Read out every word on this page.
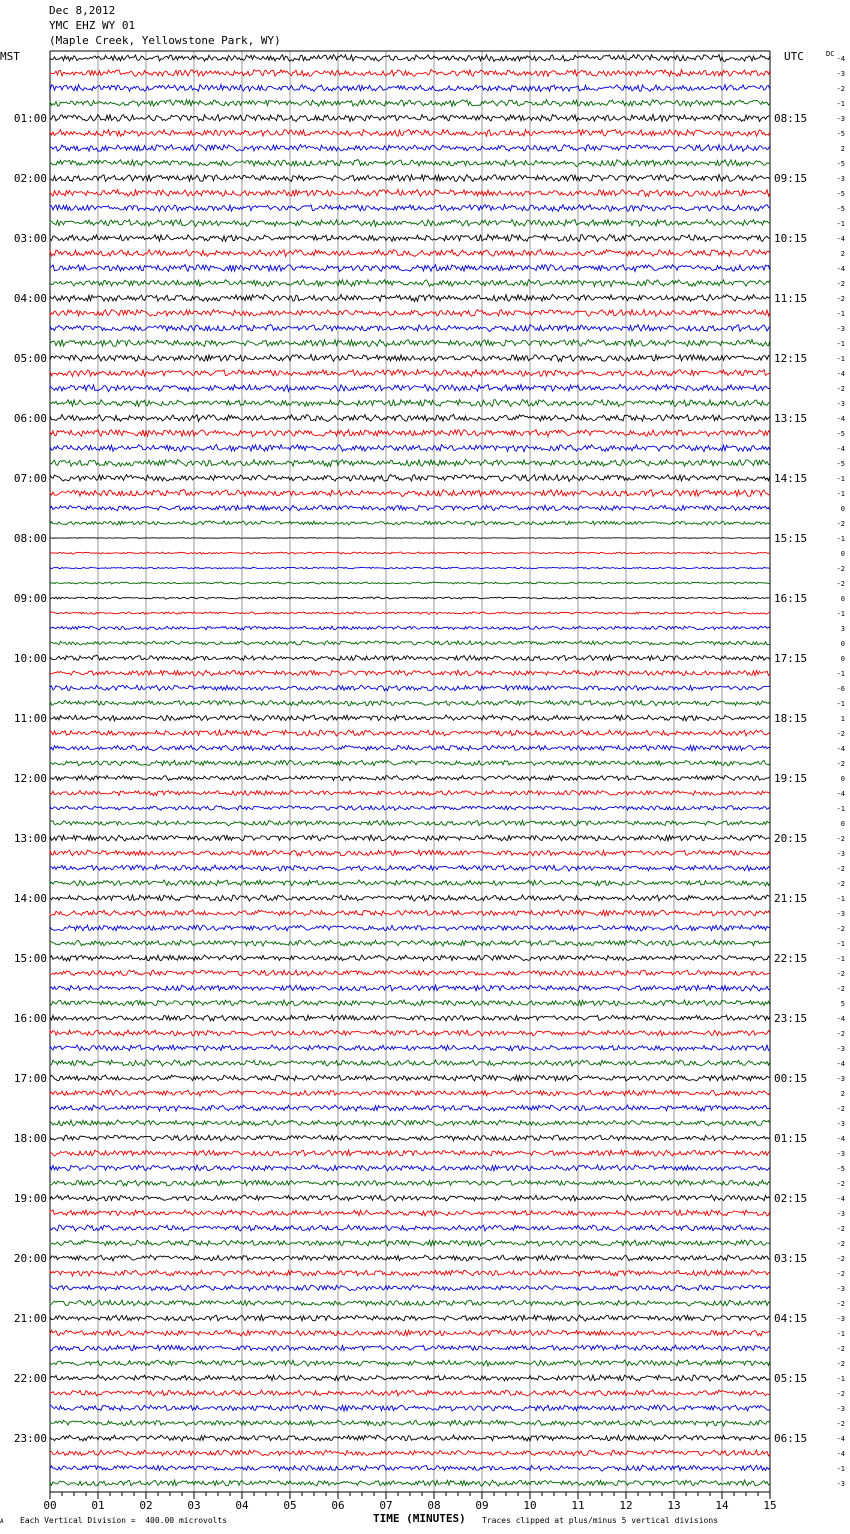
Dec 8,2012
YMC EHZ WY 01
(Maple Creek, Yellowstone Park, WY)
MST	UTC	DC
-4
-3
-2
-1
-3
-5
2
-5
-3
-5
-5
-1
-4
2
-4
-2
-2
-1
-3
-1
-1
-4
-2
-3
-4
-5
-4
-5
-1
-1
0
-2
-1
0
-2
-2
0
-1
3
0
0
-1
-6
-1
1
-2
-4
-2
0
-4
-1
0
-2
-3
-2
-2
-1
-3
-2
-1
-1
-2
-2
5
-4
-2
-3
-4
-3
2
-2
-3
-4
-3
-5
-2
-4
-3
-2
-2
-2
-2
-3
-2
-3
-1
-2
-2
-1
-2
-3
-2
-4
-4
-1
-3
01:00	08:15
02:00	09:15
03:00	10:15
04:00	11:15
05:00	12:15
06:00	13:15
07:00	14:15
08:00	15:15
09:00	16:15
10:00	17:15
11:00	18:15
12:00	19:15
13:00	20:15
14:00	21:15
15:00	22:15
16:00	23:15
17:00	00:15
18:00	01:15
19:00	02:15
20:00	03:15
21:00	04:15
22:00	05:15
23:00	06:15
00	01	02	03	04	05	06	07	08	09	10	11	12	13	14	15
A Each Vertical Division =  400.00 microvolts	TIME (MINUTES) Traces clipped at plus/minus 5 vertical divisions
